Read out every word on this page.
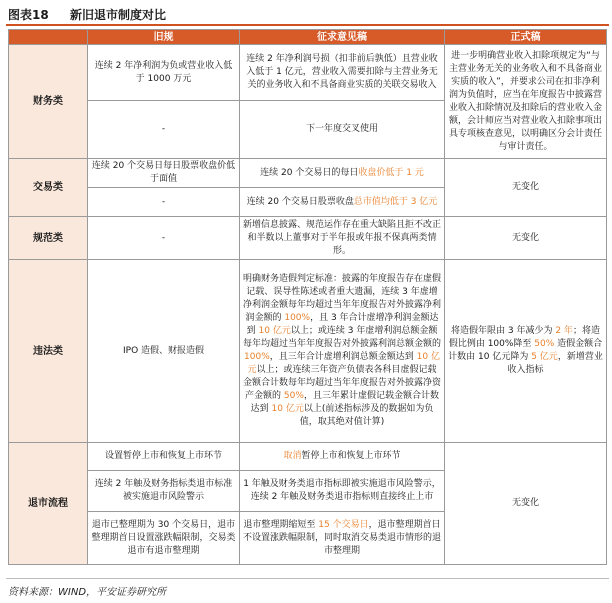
图表18 新旧退市制度对比
	旧规	征求意见稿	正式稿
财务类	连续 2 年净利润为负或营业收入低于 1000 万元	连续 2 年净利润号损（扣非前后孰低）且营业收入低于 1 亿元，营业收入需要扣除与主营业务无关的业务收入和不具备商业实质的关联交易收入	进一步明确营业收入扣除项规定为“与主营业务无关的业务收入和不具备商业实质的收入”，并要求公司在扣非净利润为负值时，应当在年度报告中披露营业收入扣除情况及扣除后的营业收入金额，会计师应当对营业收入扣除事项出具专项核查意见，以明确区分会计责任与审计责任。
	-	下一年度交叉使用	
交易类	连续 20 个交易日每日股票收盘价低于面值	连续 20 个交易日的每日收盘价低于 1 元	无变化
	-	连续 20 个交易日股票收盘总市值均低于 3 亿元	
规范类	-	新增信息披露、规范运作存在重大缺陷且拒不改正和半数以上董事对于半年报或年报不保真两类情形。	无变化
违法类	IPO 造假、财报造假	明确财务造假判定标准：披露的年度报告存在虚假记载、误导性陈述或者重大遗漏，连续 3 年虚增净利润金额每年均超过当年年度报告对外披露净利润金额的 100%，且 3 年合计虚增净利润金额达到 10 亿元以上；或连续 3 年虚增利润总额金额每年均超过当年年度报告对外披露利润总额金额的 100%，且三年合计虚增利润总额金额达到 10 亿元以上；或连续三年资产负债表各科目虚假记载金额合计数每年均超过当年年度报告对外披露净资产金额的 50%，且三年累计虚假记载金额合计数达到 10 亿元以上(前述指标涉及的数据如为负值，取其绝对值计算)	将造假年限由 3 年减少为 2 年；将造假比例由 100%降至 50% 造假金额合计数由 10 亿元降为 5 亿元，新增营业收入指标
退市流程	设置暂停上市和恢复上市环节	取消暂停上市和恢复上市环节	无变化
	连续 2 年触及财务指标类退市标准被实施退市风险警示	1 年触及财务类退市指标即被实施退市风险警示，连续 2 年触及财务类退市指标则直接终止上市	
	退市已整理期为 30 个交易日，退市整理期首日设置涨跌幅限制，交易类退市有退市整理期	退市整理期缩短至 15 个交易日，退市整理期首日不设置涨跌幅限制，同时取消交易类退市情形的退市整理期	
资料来源：WIND，平安证券研究所
